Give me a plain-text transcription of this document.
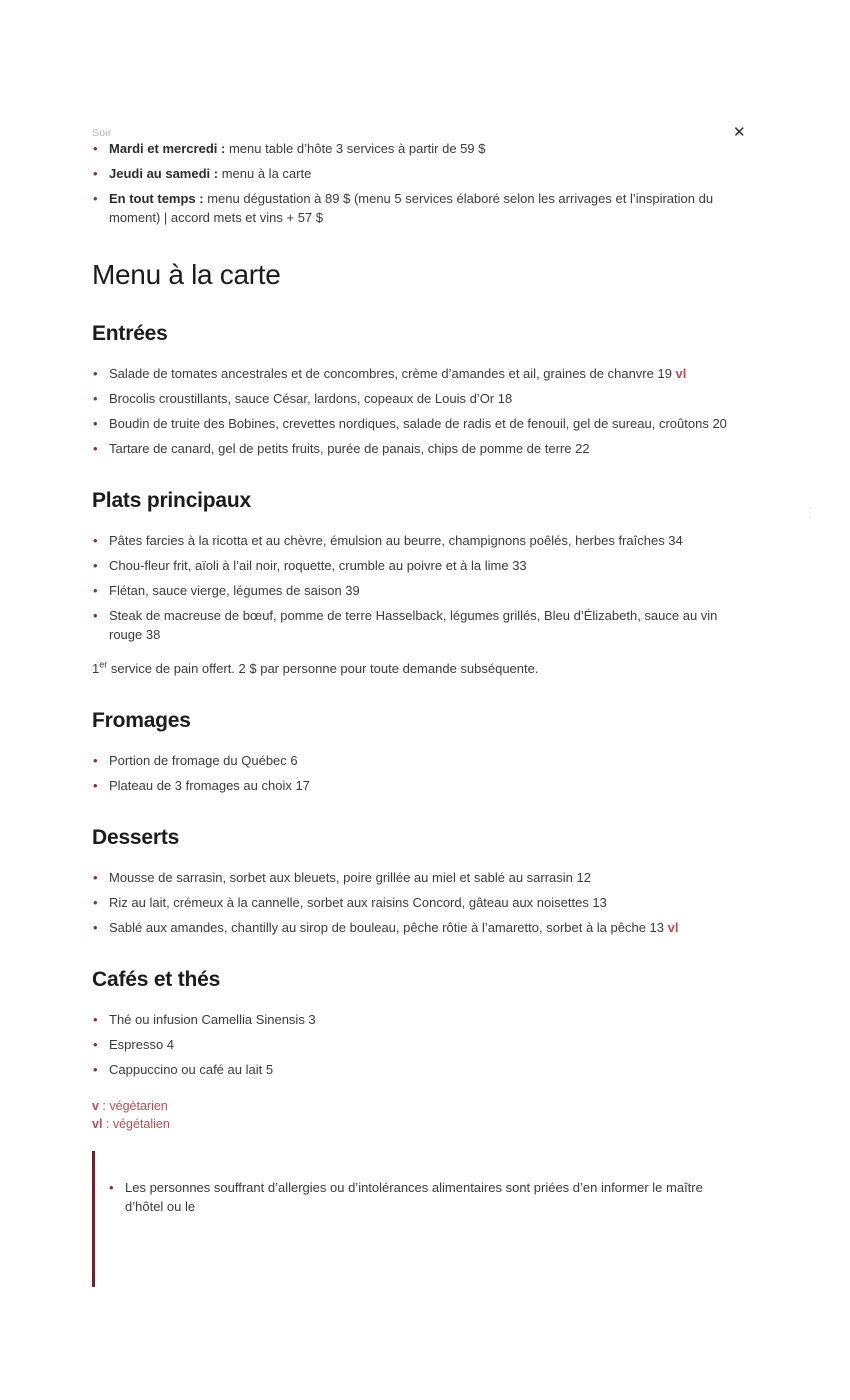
Soir
• Mardi et mercredi : menu table d’hôte 3 services à partir de 59 $
• Jeudi au samedi : menu à la carte
• En tout temps : menu dégustation à 89 $ (menu 5 services élaboré selon les arrivages et l’inspiration du moment) | accord mets et vins + 57 $
Menu à la carte
Entrées
• Salade de tomates ancestrales et de concombres, crème d’amandes et ail, graines de chanvre 19 vl
• Brocolis croustillants, sauce César, lardons, copeaux de Louis d’Or 18
• Boudin de truite des Bobines, crevettes nordiques, salade de radis et de fenouil, gel de sureau, croûtons 20
• Tartare de canard, gel de petits fruits, purée de panais, chips de pomme de terre 22
Plats principaux
• Pâtes farcies à la ricotta et au chèvre, émulsion au beurre, champignons poêlés, herbes fraîches 34
• Chou-fleur frit, aïoli à l’ail noir, roquette, crumble au poivre et à la lime 33
• Flétan, sauce vierge, légumes de saison 39
• Steak de macreuse de bœuf, pomme de terre Hasselback, légumes grillés, Bleu d’Élizabeth, sauce au vin rouge 38

1er service de pain offert. 2 $ par personne pour toute demande subséquente.

Fromages
• Portion de fromage du Québec 6
• Plateau de 3 fromages au choix 17
Desserts
• Mousse de sarrasin, sorbet aux bleuets, poire grillée au miel et sablé au sarrasin 12
• Riz au lait, crémeux à la cannelle, sorbet aux raisins Concord, gâteau aux noisettes 13
• Sablé aux amandes, chantilly au sirop de bouleau, pêche rôtie à l’amaretto, sorbet à la pêche 13 vl
Cafés et thés
• Thé ou infusion Camellia Sinensis 3
• Espresso 4
• Cappuccino ou café au lait 5
v : végétarien
vl : végétalien
• Les personnes souffrant d’allergies ou d’intolérances alimentaires sont priées d’en informer le maître d’hôtel ou le
✕
⋮
